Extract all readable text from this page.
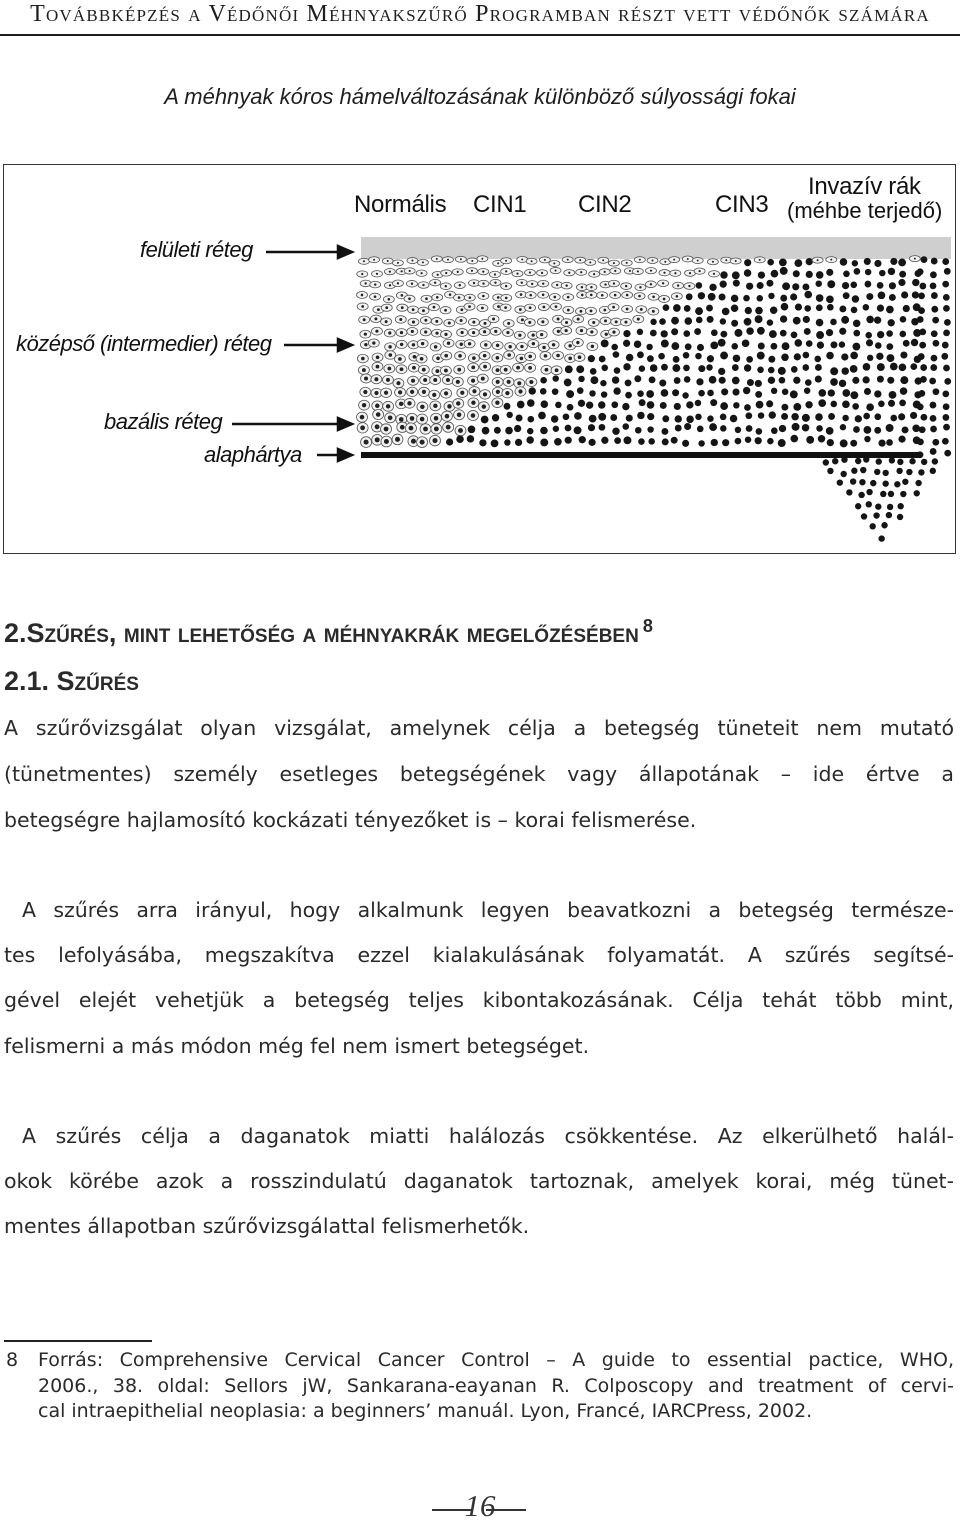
Továbbképzés a Védőnői Méhnyakszűrő Programban részt vett védőnők számára
A méhnyak kóros hámelváltozásának különböző súlyossági fokai
felületi réteg
középső (intermedier) réteg
bazális réteg
alaphártya
Normális CIN1 CIN2	CIN3
Invazív rák
(méhbe terjedő)
2.Szűrés, mint lehetőség a méhnyakrák megelőzésében $^8$
2.1. Szűrés
A szűrővizsgálat olyan vizsgálat, amelynek célja a betegség tüneteit nem mutató
(tünetmentes) személy esetleges betegségének vagy állapotának – ide értve a
betegségre hajlamosító kockázati tényezőket is – korai felismerése.
A szűrés arra irányul, hogy alkalmunk legyen beavatkozni a betegség természe-
tes lefolyásába, megszakítva ezzel kialakulásának folyamatát. A szűrés segítsé-
gével elejét vehetjük a betegség teljes kibontakozásának. Célja tehát több mint,
felismerni a más módon még fel nem ismert betegséget.
A szűrés célja a daganatok miatti halálozás csökkentése. Az elkerülhető halál-
okok körébe azok a rosszindulatú daganatok tartoznak, amelyek korai, még tünet-
mentes állapotban szűrővizsgálattal felismerhetők.
8 Forrás: Comprehensive Cervical Cancer Control – A guide to essential pactice, WHO,
2006., 38. oldal: Sellors jW, Sankarana-eayanan R. Colposcopy and treatment of cervi-
cal intraepithelial neoplasia: a beginners’ manuál. Lyon, Francé, IARCPress, 2002.
16
